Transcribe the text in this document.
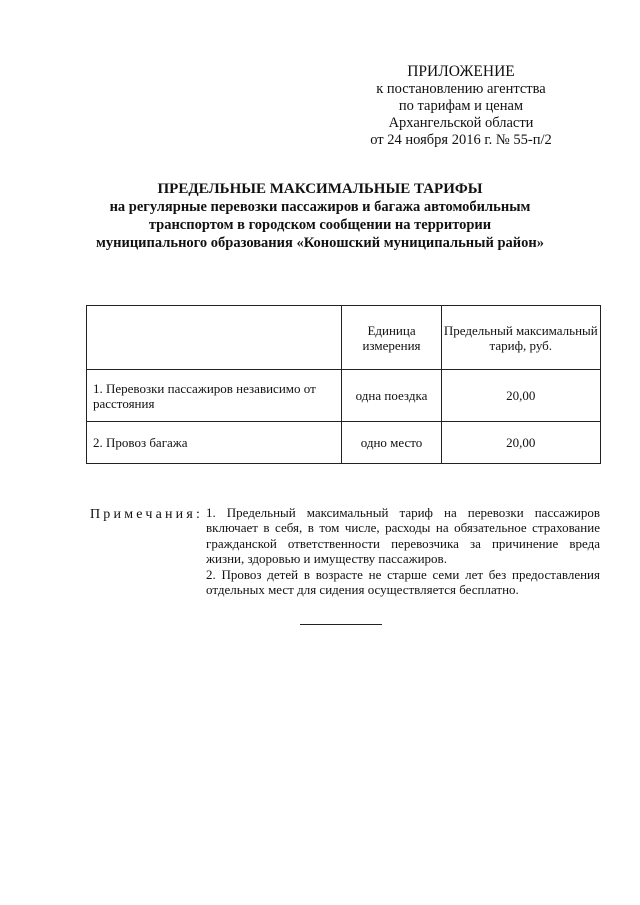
ПРИЛОЖЕНИЕ
к постановлению агентства
по тарифам и ценам
Архангельской области
от 24 ноября 2016 г. № 55-п/2
ПРЕДЕЛЬНЫЕ МАКСИМАЛЬНЫЕ ТАРИФЫ
на регулярные перевозки пассажиров и багажа автомобильным
транспортом в городском сообщении на территории
муниципального образования «Коношский муниципальный район»
	Единица измерения	Предельный максимальный тариф, руб.
1. Перевозки пассажиров независимо от расстояния	одна поездка	20,00
2. Провоз багажа	одно место	20,00
Примечания: 1. Предельный максимальный тариф на перевозки пассажиров включает в себя, в том числе, расходы на обязательное страхование гражданской ответственности перевозчика за причинение вреда жизни, здоровью и имуществу пассажиров.

2. Провоз детей в возрасте не старше семи лет без предоставления отдельных мест для сидения осуществляется бесплатно.
